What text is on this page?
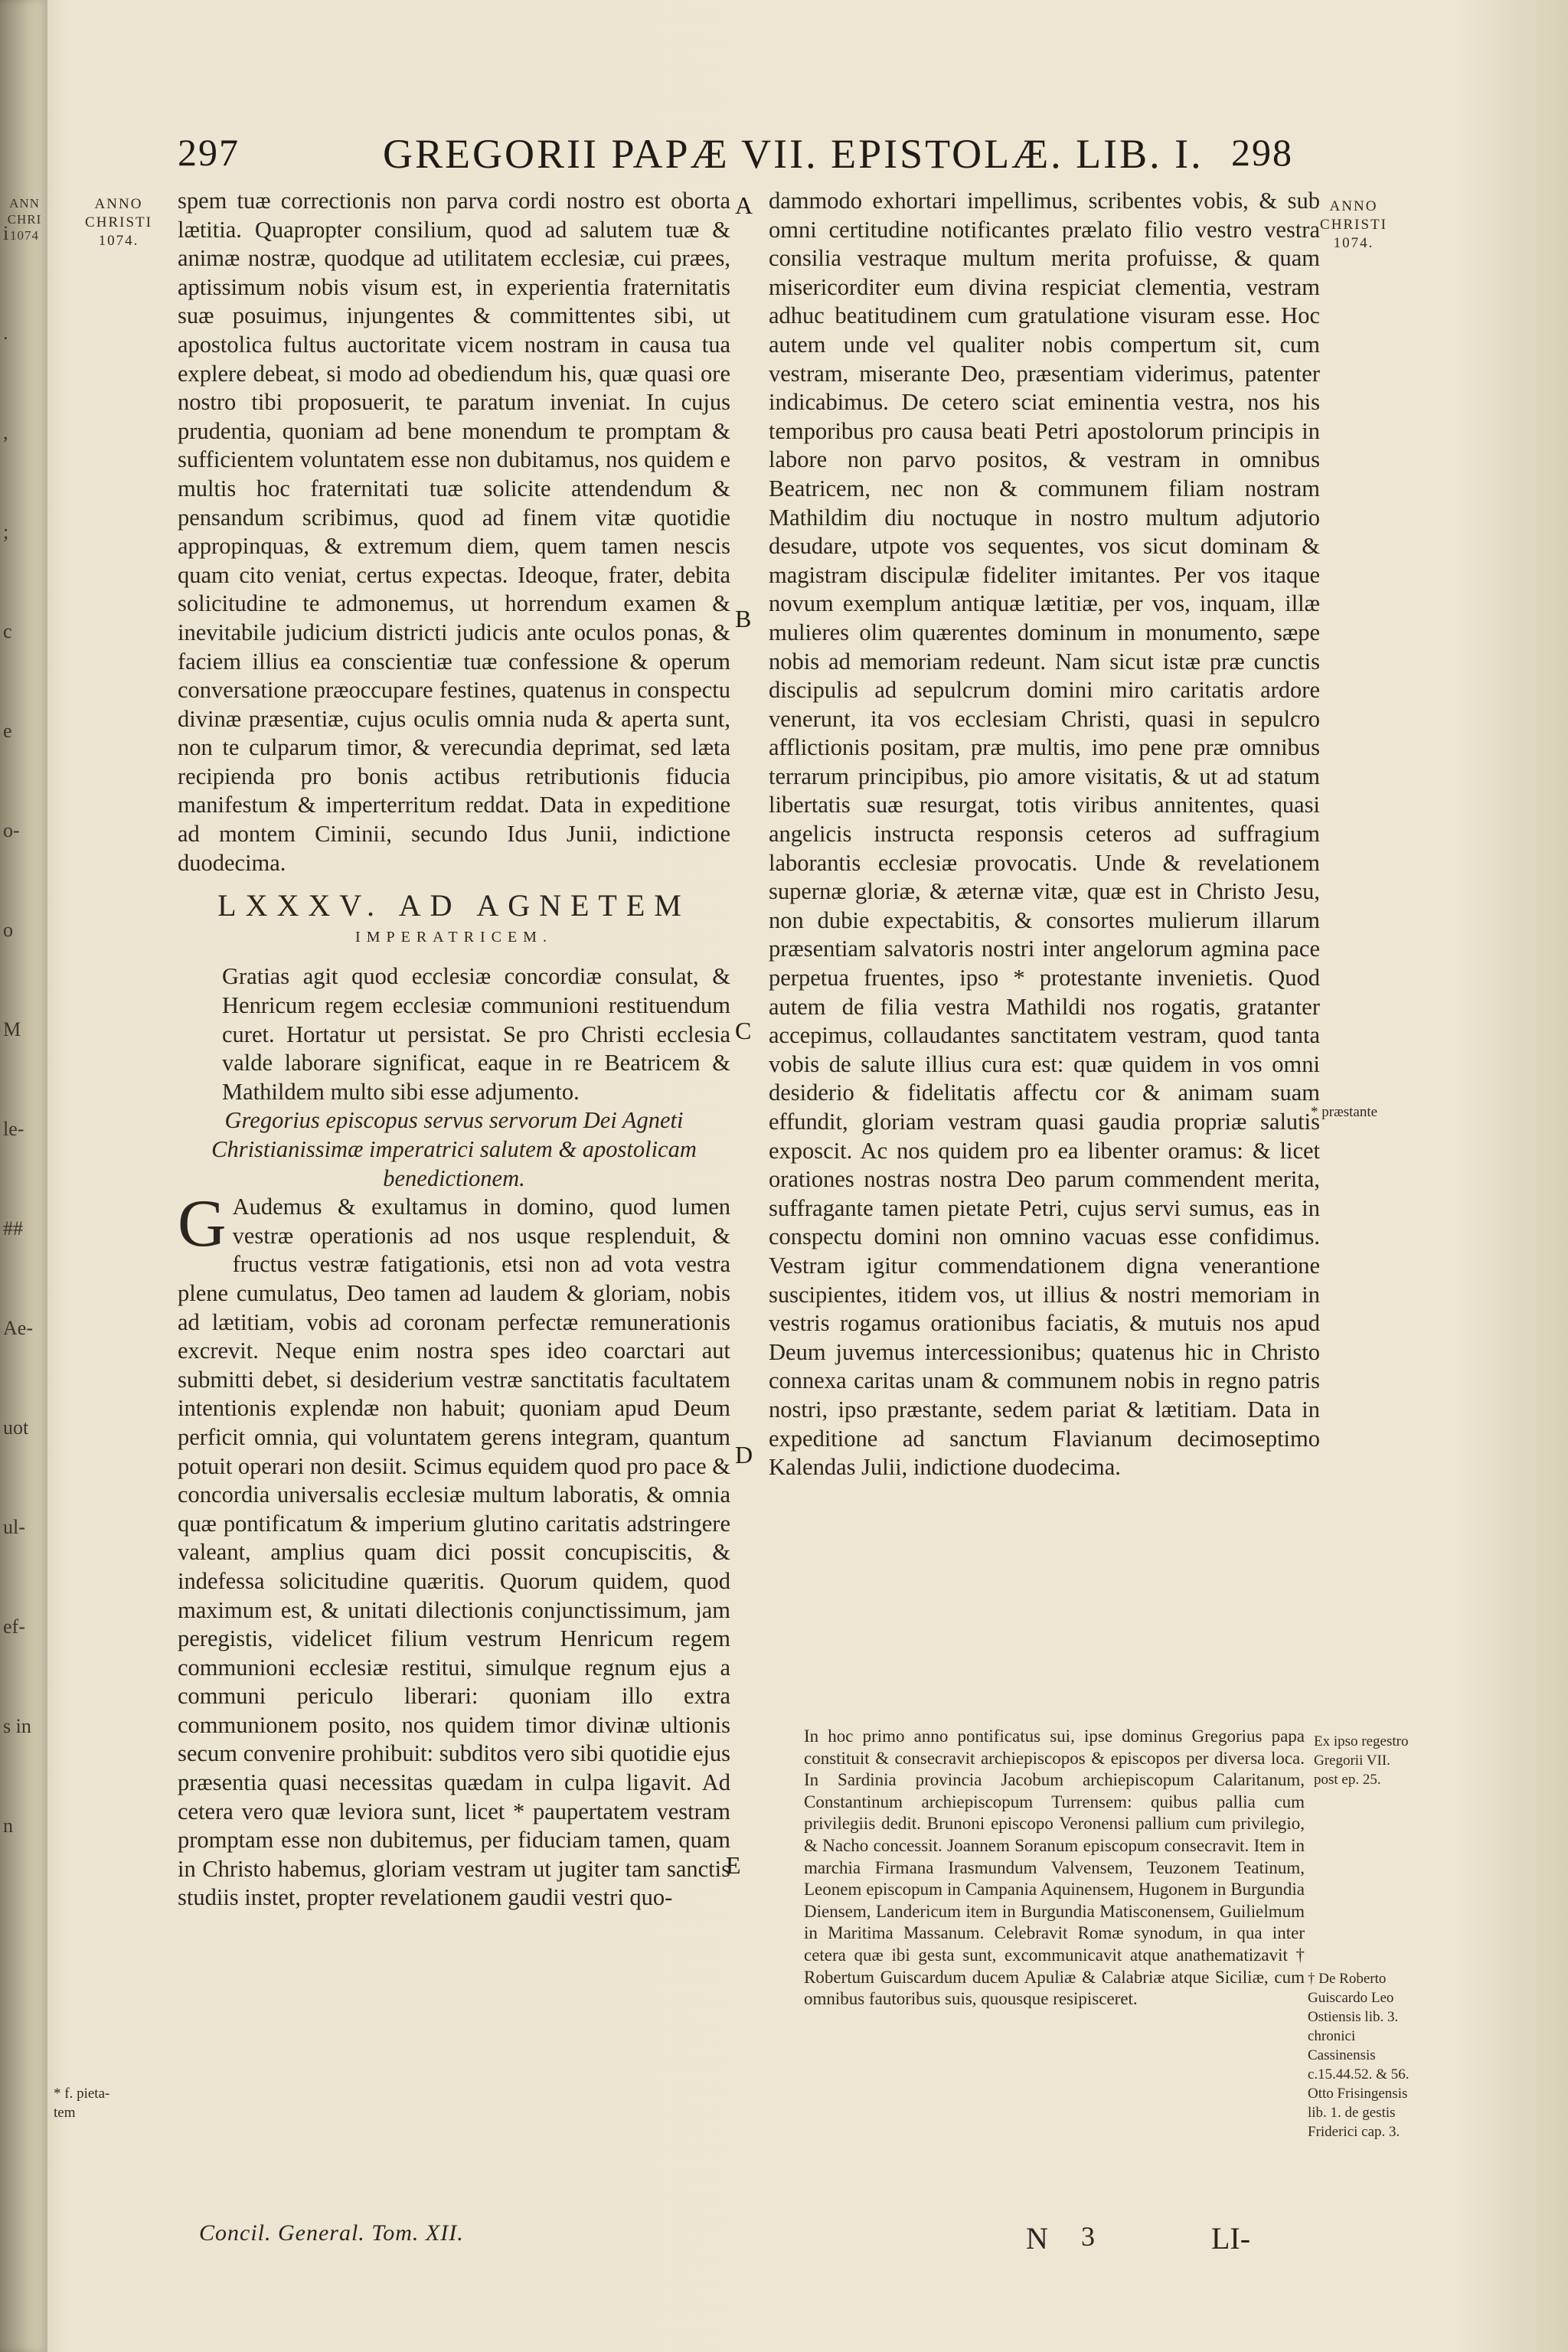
ANN
CHRI
1074
i
.
,
;
c
e
o-
o
M
le-
##
Ae-
uot
ul-
ef-
s in
n
297	GREGORII PAPÆ VII. EPISTOLÆ. LIB. I. 298
ANNO
CHRISTI
1074.
ANNO
CHRISTI
1074.
A
B
C
D
E

spem tuæ correctionis non parva cordi nostro est oborta lætitia. Quapropter consilium, quod ad salutem tuæ & animæ nostræ, quodque ad utilitatem ecclesiæ, cui præes, aptissimum nobis visum est, in experientia fraternitatis suæ posuimus, injungentes & committentes sibi, ut apostolica fultus auctoritate vicem nostram in causa tua explere debeat, si modo ad obediendum his, quæ quasi ore nostro tibi proposuerit, te paratum inveniat. In cujus prudentia, quoniam ad bene monendum te promptam & sufficientem voluntatem esse non dubitamus, nos quidem e multis hoc fraternitati tuæ solicite attendendum & pensandum scribimus, quod ad finem vitæ quotidie appropinquas, & extremum diem, quem tamen nescis quam cito veniat, certus expectas. Ideoque, frater, debita solicitudine te admonemus, ut horrendum examen & inevitabile judicium districti judicis ante oculos ponas, & faciem illius ea conscientiæ tuæ confessione & operum conversatione præoccupare festines, quatenus in conspectu divinæ præsentiæ, cujus oculis omnia nuda & aperta sunt, non te culparum timor, & verecundia deprimat, sed læta recipienda pro bonis actibus retributionis fiducia manifestum & imperterritum reddat. Data in expeditione ad montem Ciminii, secundo Idus Junii, indictione duodecima.

LXXXV. AD AGNETEM
IMPERATRICEM.

Gratias agit quod ecclesiæ concordiæ consulat, & Henricum regem ecclesiæ communioni restituendum curet. Hortatur ut persistat. Se pro Christi ecclesia valde laborare significat, eaque in re Beatricem & Mathildem multo sibi esse adjumento.

Gregorius episcopus servus servorum Dei Agneti Christianissimæ imperatrici salutem & apostolicam benedictionem.

G Audemus & exultamus in domino, quod lumen vestræ operationis ad nos usque resplenduit, & fructus vestræ fatigationis, etsi non ad vota vestra plene cumulatus, Deo tamen ad laudem & gloriam, nobis ad lætitiam, vobis ad coronam perfectæ remunerationis excrevit. Neque enim nostra spes ideo coarctari aut submitti debet, si desiderium vestræ sanctitatis facultatem intentionis explendæ non habuit; quoniam apud Deum perficit omnia, qui voluntatem gerens integram, quantum potuit operari non desiit. Scimus equidem quod pro pace & concordia universalis ecclesiæ multum laboratis, & omnia quæ pontificatum & imperium glutino caritatis adstringere valeant, amplius quam dici possit concupiscitis, & indefessa solicitudine quæritis. Quorum quidem, quod maximum est, & unitati dilectionis conjunctissimum, jam peregistis, videlicet filium vestrum Henricum regem communioni ecclesiæ restitui, simulque regnum ejus a communi periculo liberari: quoniam illo extra communionem posito, nos quidem timor divinæ ultionis secum convenire prohibuit: subditos vero sibi quotidie ejus præsentia quasi necessitas quædam in culpa ligavit. Ad cetera vero quæ leviora sunt, licet * paupertatem vestram promptam esse non dubitemus, per fiduciam tamen, quam in Christo habemus, gloriam vestram ut jugiter tam sanctis studiis instet, propter revelationem gaudii vestri quo-

dammodo exhortari impellimus, scribentes vobis, & sub omni certitudine notificantes prælato filio vestro vestra consilia vestraque multum merita profuisse, & quam misericorditer eum divina respiciat clementia, vestram adhuc beatitudinem cum gratulatione visuram esse. Hoc autem unde vel qualiter nobis compertum sit, cum vestram, miserante Deo, præsentiam viderimus, patenter indicabimus. De cetero sciat eminentia vestra, nos his temporibus pro causa beati Petri apostolorum principis in labore non parvo positos, & vestram in omnibus Beatricem, nec non & communem filiam nostram Mathildim diu noctuque in nostro multum adjutorio desudare, utpote vos sequentes, vos sicut dominam & magistram discipulæ fideliter imitantes. Per vos itaque novum exemplum antiquæ lætitiæ, per vos, inquam, illæ mulieres olim quærentes dominum in monumento, sæpe nobis ad memoriam redeunt. Nam sicut istæ præ cunctis discipulis ad sepulcrum domini miro caritatis ardore venerunt, ita vos ecclesiam Christi, quasi in sepulcro afflictionis positam, præ multis, imo pene præ omnibus terrarum principibus, pio amore visitatis, & ut ad statum libertatis suæ resurgat, totis viribus annitentes, quasi angelicis instructa responsis ceteros ad suffragium laborantis ecclesiæ provocatis. Unde & revelationem supernæ gloriæ, & æternæ vitæ, quæ est in Christo Jesu, non dubie expectabitis, & consortes mulierum illarum præsentiam salvatoris nostri inter angelorum agmina pace perpetua fruentes, ipso * protestante invenietis. Quod autem de filia vestra Mathildi nos rogatis, gratanter accepimus, collaudantes sanctitatem vestram, quod tanta vobis de salute illius cura est: quæ quidem in vos omni desiderio & fidelitatis affectu cor & animam suam effundit, gloriam vestram quasi gaudia propriæ salutis exposcit. Ac nos quidem pro ea libenter oramus: & licet orationes nostras nostra Deo parum commendent merita, suffragante tamen pietate Petri, cujus servi sumus, eas in conspectu domini non omnino vacuas esse confidimus. Vestram igitur commendationem digna venerantione suscipientes, itidem vos, ut illius & nostri memoriam in vestris rogamus orationibus faciatis, & mutuis nos apud Deum juvemus intercessionibus; quatenus hic in Christo connexa caritas unam & communem nobis in regno patris nostri, ipso præstante, sedem pariat & lætitiam. Data in expeditione ad sanctum Flavianum decimoseptimo Kalendas Julii, indictione duodecima.

In hoc primo anno pontificatus sui, ipse dominus Gregorius papa constituit & consecravit archiepiscopos & episcopos per diversa loca. In Sardinia provincia Jacobum archiepiscopum Calaritanum, Constantinum archiepiscopum Turrensem: quibus pallia cum privilegiis dedit. Brunoni episcopo Veronensi pallium cum privilegio, & Nacho concessit. Joannem Soranum episcopum consecravit. Item in marchia Firmana Irasmundum Valvensem, Teuzonem Teatinum, Leonem episcopum in Campania Aquinensem, Hugonem in Burgundia Diensem, Landericum item in Burgundia Matisconensem, Guilielmum in Maritima Massanum. Celebravit Romæ synodum, in qua inter cetera quæ ibi gesta sunt, excommunicavit atque anathematizavit † Robertum Guiscardum ducem Apuliæ & Calabriæ atque Siciliæ, cum omnibus fautoribus suis, quousque resipisceret.
* f. pieta-
tem
* præstante
Ex ipso regestro Gregorii VII. post ep. 25.
† De Roberto Guiscardo Leo Ostiensis lib. 3. chronici Cassinensis c.15.44.52. & 56. Otto Frisingensis lib. 1. de gestis Friderici cap. 3.
Concil. General. Tom. XII.	N 3	LI-
